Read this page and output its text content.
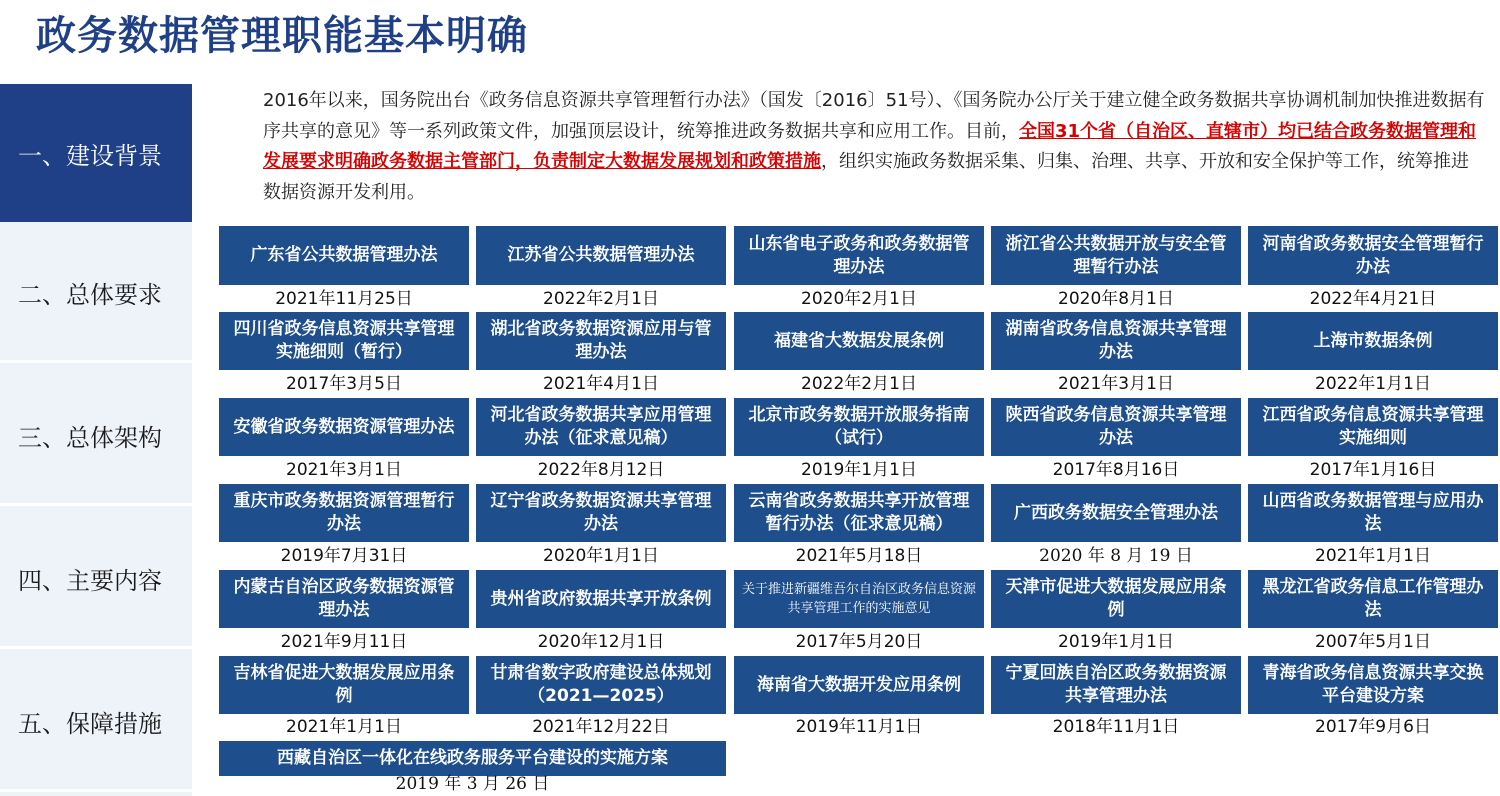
政务数据管理职能基本明确
一、建设背景
二、总体要求
三、总体架构
四、主要内容
五、保障措施
2016年以来，国务院出台《政务信息资源共享管理暂行办法》（国发〔2016〕51号）、《国务院办公厅关于建立健全政务数据共享协调机制加快推进数据有序共享的意见》等一系列政策文件，加强顶层设计，统筹推进政务数据共享和应用工作。目前，全国31个省（自治区、直辖市）均已结合政务数据管理和发展要求明确政务数据主管部门，负责制定大数据发展规划和政策措施，组织实施政务数据采集、归集、治理、共享、开放和安全保护等工作，统筹推进数据资源开发利用。
广东省公共数据管理办法
2021年11月25日
江苏省公共数据管理办法
2022年2月1日
山东省电子政务和政务数据管理办法
2020年2月1日
浙江省公共数据开放与安全管理暂行办法
2020年8月1日
河南省政务数据安全管理暂行办法
2022年4月21日
四川省政务信息资源共享管理实施细则（暂行）
2017年3月5日
湖北省政务数据资源应用与管理办法
2021年4月1日
福建省大数据发展条例
2022年2月1日
湖南省政务信息资源共享管理办法
2021年3月1日
上海市数据条例
2022年1月1日
安徽省政务数据资源管理办法
2021年3月1日
河北省政务数据共享应用管理办法（征求意见稿）
2022年8月12日
北京市政务数据开放服务指南 （试行）
2019年1月1日
陕西省政务信息资源共享管理办法
2017年8月16日
江西省政务信息资源共享管理实施细则
2017年1月16日
重庆市政务数据资源管理暂行办法
2019年7月31日
辽宁省政务数据资源共享管理办法
2020年1月1日
云南省政务数据共享开放管理暂行办法（征求意见稿）
2021年5月18日
广西政务数据安全管理办法
2020 年 8 月 19 日
山西省政务数据管理与应用办法
2021年1月1日
内蒙古自治区政务数据资源管理办法
2021年9月11日
贵州省政府数据共享开放条例
2020年12月1日
关于推进新疆维吾尔自治区政务信息资源共享管理工作的实施意见
2017年5月20日
天津市促进大数据发展应用条例
2019年1月1日
黑龙江省政务信息工作管理办法
2007年5月1日
吉林省促进大数据发展应用条例
2021年1月1日
甘肃省数字政府建设总体规划（2021—2025）
2021年12月22日
海南省大数据开发应用条例
2019年11月1日
宁夏回族自治区政务数据资源共享管理办法
2018年11月1日
青海省政务信息资源共享交换平台建设方案
2017年9月6日
西藏自治区一体化在线政务服务平台建设的实施方案
2019 年 3 月 26 日
